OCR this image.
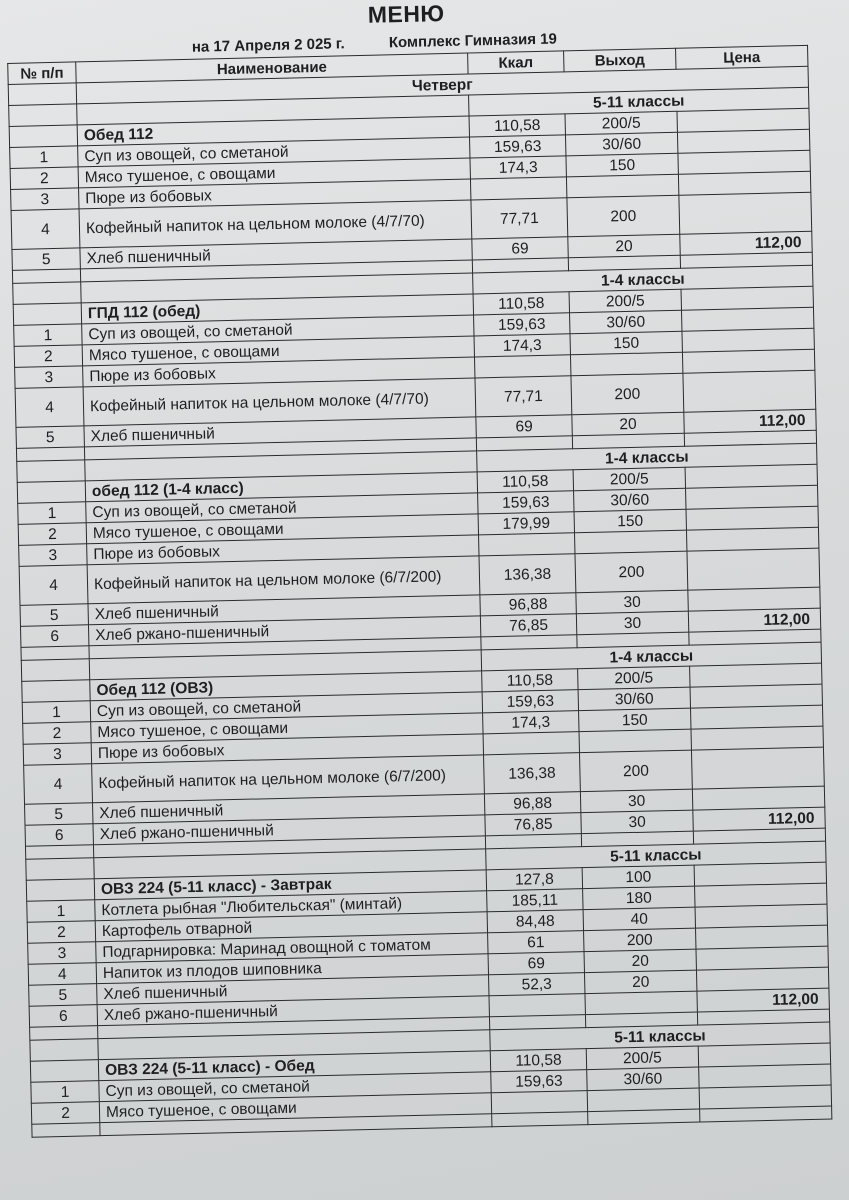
МЕНЮ
на 17 Апреля 2 025 г.	Комплекс Гимназия 19
№ п/п	Наименование	Ккал	Выход	Цена
	Четверг			
		5-11 классы		
	Обед 112	110,58	200/5	
1	Суп из овощей, со сметаной	159,63	30/60	
2	Мясо тушеное, с овощами	174,3	150	
3	Пюре из бобовых			
4	Кофейный напиток на цельном молоке (4/7/70)	77,71	200	
5	Хлеб пшеничный	69	20	112,00

		1-4 классы		
	ГПД 112 (обед)	110,58	200/5	
1	Суп из овощей, со сметаной	159,63	30/60	
2	Мясо тушеное, с овощами	174,3	150	
3	Пюре из бобовых			
4	Кофейный напиток на цельном молоке (4/7/70)	77,71	200	
5	Хлеб пшеничный	69	20	112,00

		1-4 классы		
	обед 112 (1-4 класс)	110,58	200/5	
1	Суп из овощей, со сметаной	159,63	30/60	
2	Мясо тушеное, с овощами	179,99	150	
3	Пюре из бобовых			
4	Кофейный напиток на цельном молоке (6/7/200)	136,38	200	
5	Хлеб пшеничный	96,88	30	
6	Хлеб ржано-пшеничный	76,85	30	112,00

		1-4 классы		
	Обед 112 (ОВЗ)	110,58	200/5	
1	Суп из овощей, со сметаной	159,63	30/60	
2	Мясо тушеное, с овощами	174,3	150	
3	Пюре из бобовых			
4	Кофейный напиток на цельном молоке (6/7/200)	136,38	200	
5	Хлеб пшеничный	96,88	30	
6	Хлеб ржано-пшеничный	76,85	30	112,00

		5-11 классы		
	ОВЗ 224 (5-11 класс) - Завтрак	127,8	100	
1	Котлета рыбная "Любительская" (минтай)	185,11	180	
2	Картофель отварной	84,48	40	
3	Подгарнировка: Маринад овощной с томатом	61	200	
4	Напиток из плодов шиповника	69	20	
5	Хлеб пшеничный	52,3	20	
6	Хлеб ржано-пшеничный			112,00

		5-11 классы		
	ОВЗ 224 (5-11 класс) - Обед	110,58	200/5	
1	Суп из овощей, со сметаной	159,63	30/60	
2	Мясо тушеное, с овощами			
